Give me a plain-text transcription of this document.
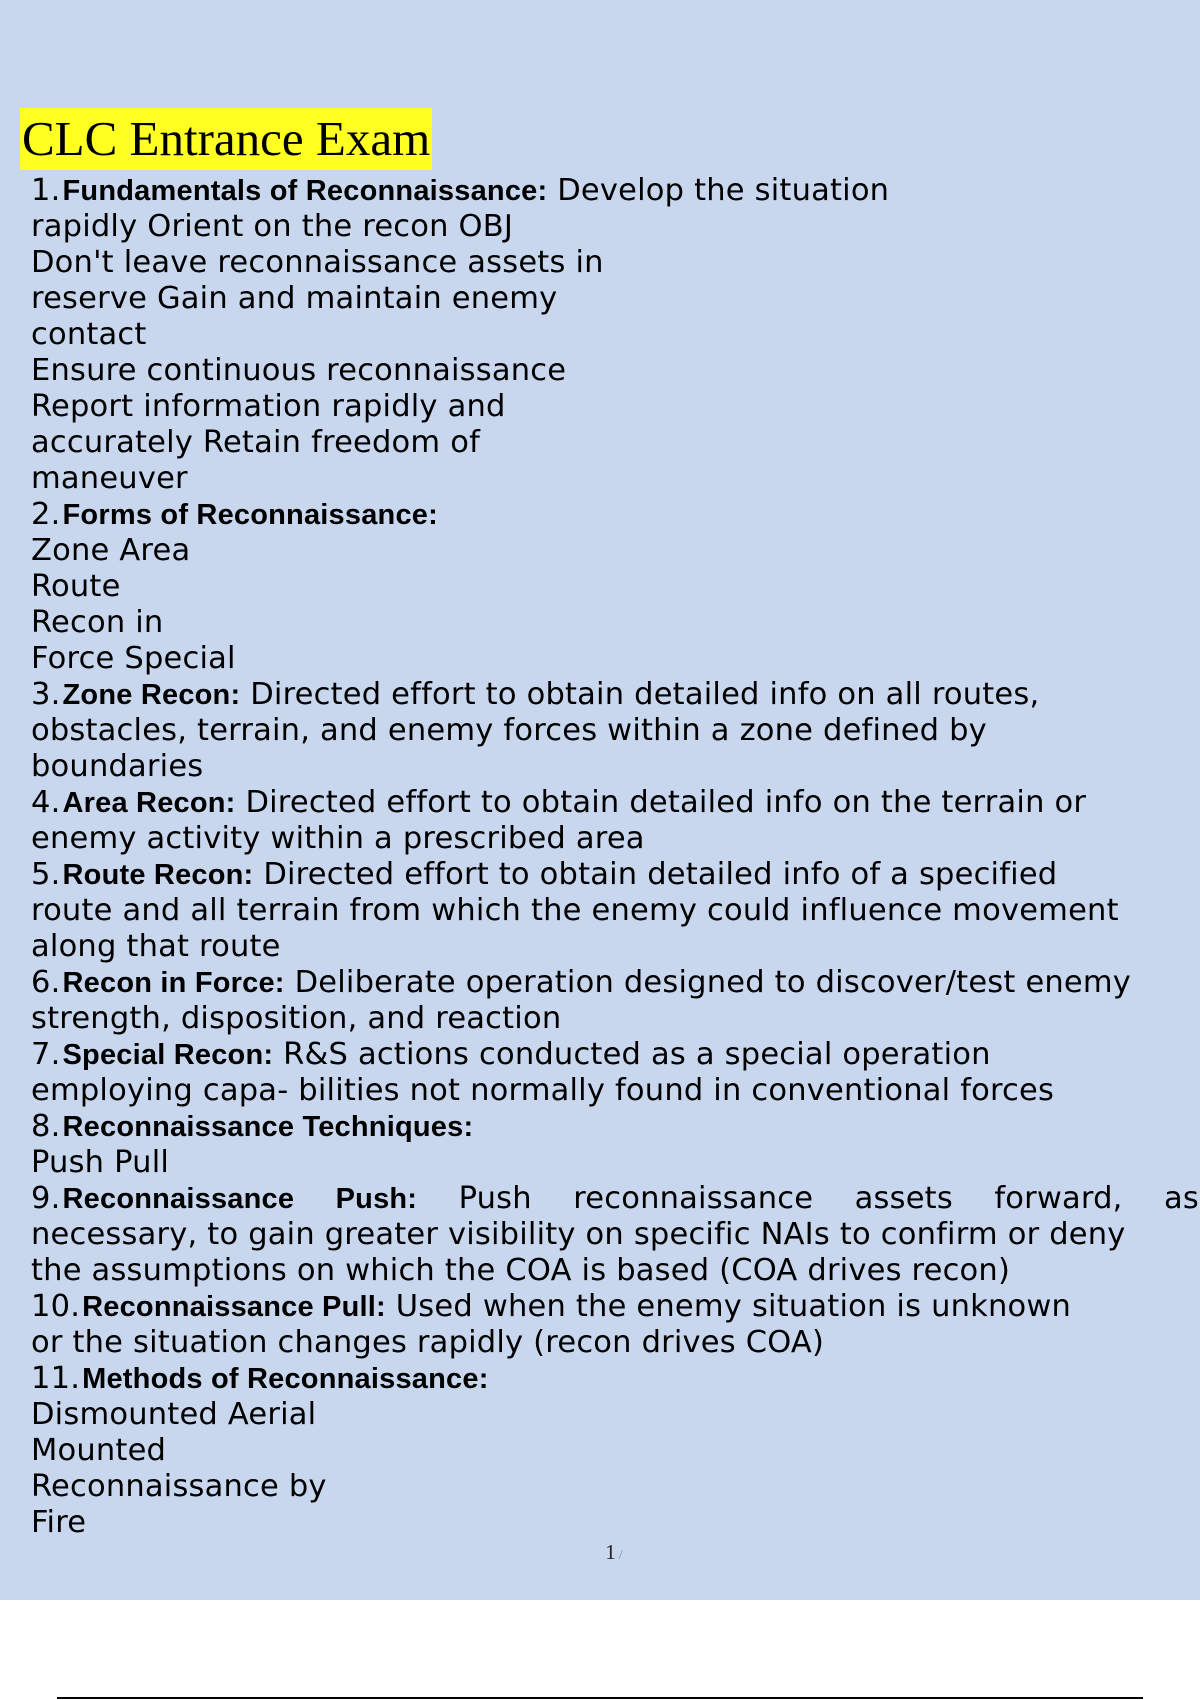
CLC Entrance Exam
1.Fundamentals of Reconnaissance: Develop the situation
rapidly Orient on the recon OBJ
Don't leave reconnaissance assets in
reserve Gain and maintain enemy
contact
Ensure continuous reconnaissance
Report information rapidly and
accurately Retain freedom of
maneuver
2.Forms of Reconnaissance:
Zone Area
Route
Recon in
Force Special
3.Zone Recon: Directed effort to obtain detailed info on all routes,
obstacles, terrain, and enemy forces within a zone defined by
boundaries
4.Area Recon: Directed effort to obtain detailed info on the terrain or
enemy activity within a prescribed area
5.Route Recon: Directed effort to obtain detailed info of a specified
route and all terrain from which the enemy could influence movement
along that route
6.Recon in Force: Deliberate operation designed to discover/test enemy
strength, disposition, and reaction
7.Special Recon: R&S actions conducted as a special operation
employing capa- bilities not normally found in conventional forces
8.Reconnaissance Techniques:
Push Pull
9.Reconnaissance Push: Push reconnaissance assets forward, as
necessary, to gain greater visibility on specific NAIs to confirm or deny
the assumptions on which the COA is based (COA drives recon)
10.Reconnaissance Pull: Used when the enemy situation is unknown
or the situation changes rapidly (recon drives COA)
11.Methods of Reconnaissance:
Dismounted Aerial
Mounted
Reconnaissance by
Fire
1 /
